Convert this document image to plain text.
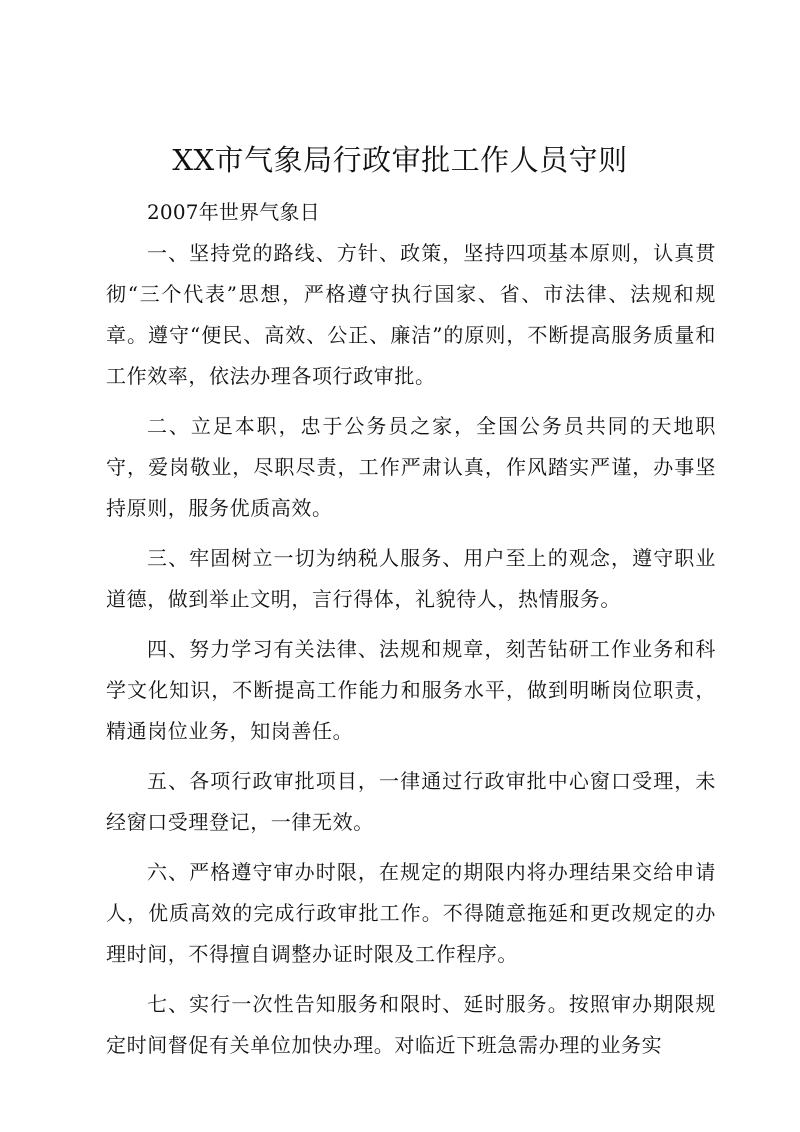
XX市气象局行政审批工作人员守则

2007年世界气象日

一、坚持党的路线、方针、政策，坚持四项基本原则，认真贯彻“三个代表”思想，严格遵守执行国家、省、市法律、法规和规章。遵守“便民、高效、公正、廉洁”的原则，不断提高服务质量和工作效率，依法办理各项行政审批。

二、立足本职，忠于公务员之家，全国公务员共同的天地职守，爱岗敬业，尽职尽责，工作严肃认真，作风踏实严谨，办事坚持原则，服务优质高效。

三、牢固树立一切为纳税人服务、用户至上的观念，遵守职业道德，做到举止文明，言行得体，礼貌待人，热情服务。

四、努力学习有关法律、法规和规章，刻苦钻研工作业务和科学文化知识，不断提高工作能力和服务水平，做到明晰岗位职责，精通岗位业务，知岗善任。

五、各项行政审批项目，一律通过行政审批中心窗口受理，未经窗口受理登记，一律无效。

六、严格遵守审办时限，在规定的期限内将办理结果交给申请人，优质高效的完成行政审批工作。不得随意拖延和更改规定的办理时间，不得擅自调整办证时限及工作程序。

七、实行一次性告知服务和限时、延时服务。按照审办期限规定时间督促有关单位加快办理。对临近下班急需办理的业务实
